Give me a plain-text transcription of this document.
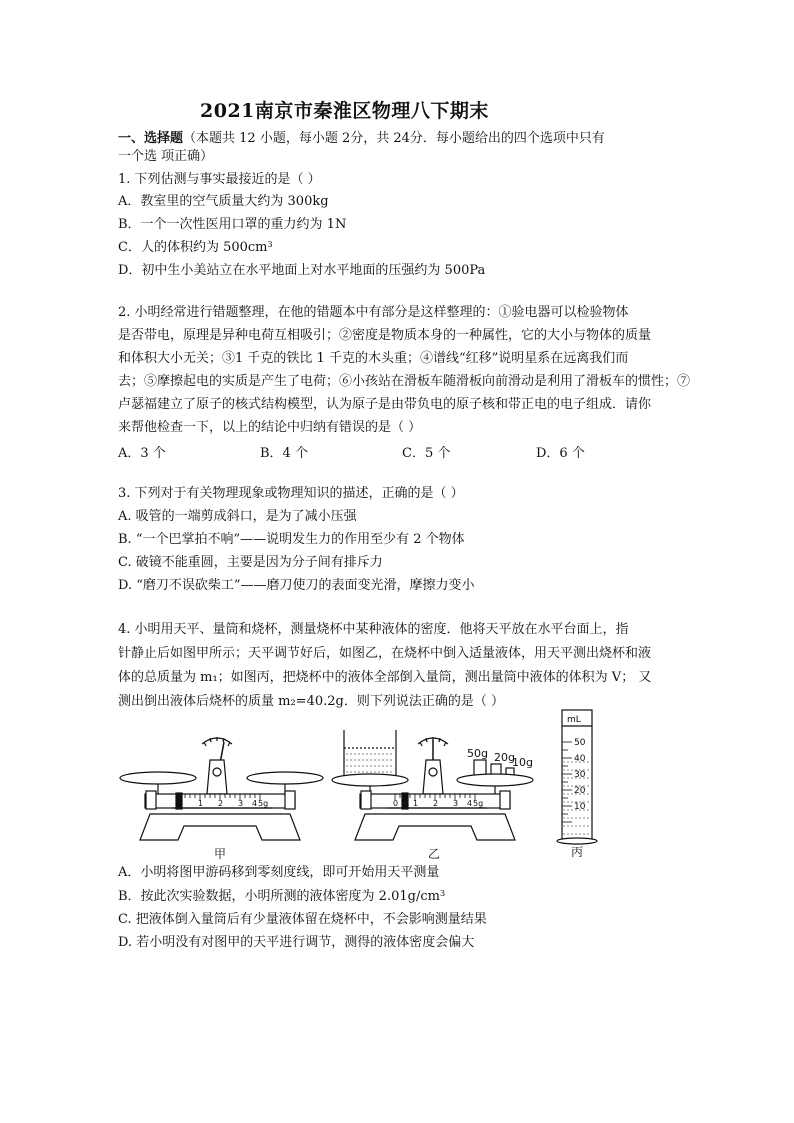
2021南京市秦淮区物理八下期末
一、选择题（本题共 12 小题，每小题 2分，共 24分．每小题给出的四个选项中只有
一个选 项正确）
1. 下列估测与事实最接近的是（ ）
A．教室里的空气质量大约为 300kg
B．一个一次性医用口罩的重力约为 1N
C．人的体积约为 $500cm^3$
D．初中生小美站立在水平地面上对水平地面的压强约为 500Pa
2. 小明经常进行错题整理，在他的错题本中有部分是这样整理的：①验电器可以检验物体
是否带电，原理是异种电荷互相吸引；②密度是物质本身的一种属性，它的大小与物体的质量
和体积大小无关；③1 千克的铁比 1 千克的木头重；④谱线“红移”说明星系在远离我们而
去；⑤摩擦起电的实质是产生了电荷；⑥小孩站在滑板车随滑板向前滑动是利用了滑板车的惯性；⑦
卢瑟福建立了原子的核式结构模型，认为原子是由带负电的原子核和带正电的电子组成．请你
来帮他检查一下，以上的结论中归纳有错误的是（ ）
A．3 个	B．4 个	C．5 个	D．6 个
3. 下列对于有关物理现象或物理知识的描述，正确的是（ ）
A. 吸管的一端剪成斜口，是为了减小压强
B. “一个巴掌拍不响”——说明发生力的作用至少有 2 个物体
C. 破镜不能重圆，主要是因为分子间有排斥力
D. “磨刀不误砍柴工”——磨刀使刀的表面变光滑，摩擦力变小
4. 小明用天平、量筒和烧杯，测量烧杯中某种液体的密度．他将天平放在水平台面上，指
针静止后如图甲所示；天平调节好后，如图乙，在烧杯中倒入适量液体，用天平测出烧杯和液
体的总质量为 m₁；如图丙，把烧杯中的液体全部倒入量筒，测出量筒中液体的体积为 V； 又
测出倒出液体后烧杯的质量 m₂=40.2g．则下列说法正确的是（ ）
0 1 2 3 4 5g	0 1 2 3 4 5g
50g 20g
10g
mL
50
40
30
20
10
甲	乙	丙
A．小明将图甲游码移到零刻度线，即可开始用天平测量
B．按此次实验数据，小明所测的液体密度为 $2.01g/cm^3$
C. 把液体倒入量筒后有少量液体留在烧杯中，不会影响测量结果
D. 若小明没有对图甲的天平进行调节，测得的液体密度会偏大
